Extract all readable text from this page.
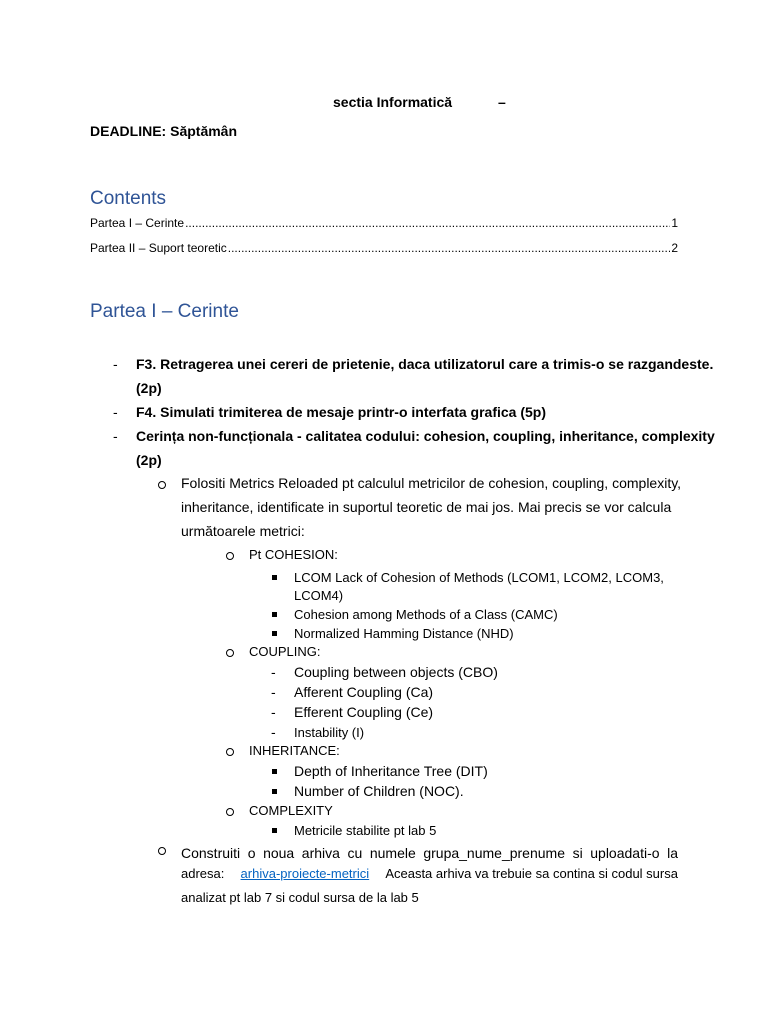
sectia Informatică	–
DEADLINE: Săptămân
Contents
Partea I – Cerinte .....	1
Partea II – Suport teoretic .....	2
Partea I – Cerinte
- F3. Retragerea unei cereri de prietenie, daca utilizatorul care a trimis-o se razgandeste.
(2p)
- F4. Simulati trimiterea de mesaje printr-o interfata grafica (5p)
- Cerința non-funcționala - calitatea codului: cohesion, coupling, inheritance, complexity
(2p)
Folositi Metrics Reloaded pt calculul metricilor de cohesion, coupling, complexity,
inheritance, identificate in suportul teoretic de mai jos. Mai precis se vor calcula
următoarele metrici:
Pt COHESION:
LCOM Lack of Cohesion of Methods (LCOM1, LCOM2, LCOM3,
LCOM4)
Cohesion among Methods of a Class (CAMC)
Normalized Hamming Distance (NHD)
COUPLING:
- Coupling between objects (CBO)
- Afferent Coupling (Ca)
- Efferent Coupling (Ce)
- Instability (I)
INHERITANCE:
Depth of Inheritance Tree (DIT)
Number of Children (NOC).
COMPLEXITY
Metricile stabilite pt lab 5
Construiti o noua arhiva cu numele grupa_nume_prenume si uploadati-o la
adresa: arhiva-proiecte-metrici Aceasta arhiva va trebuie sa contina si codul sursa
analizat pt lab 7 si codul sursa de la lab 5
